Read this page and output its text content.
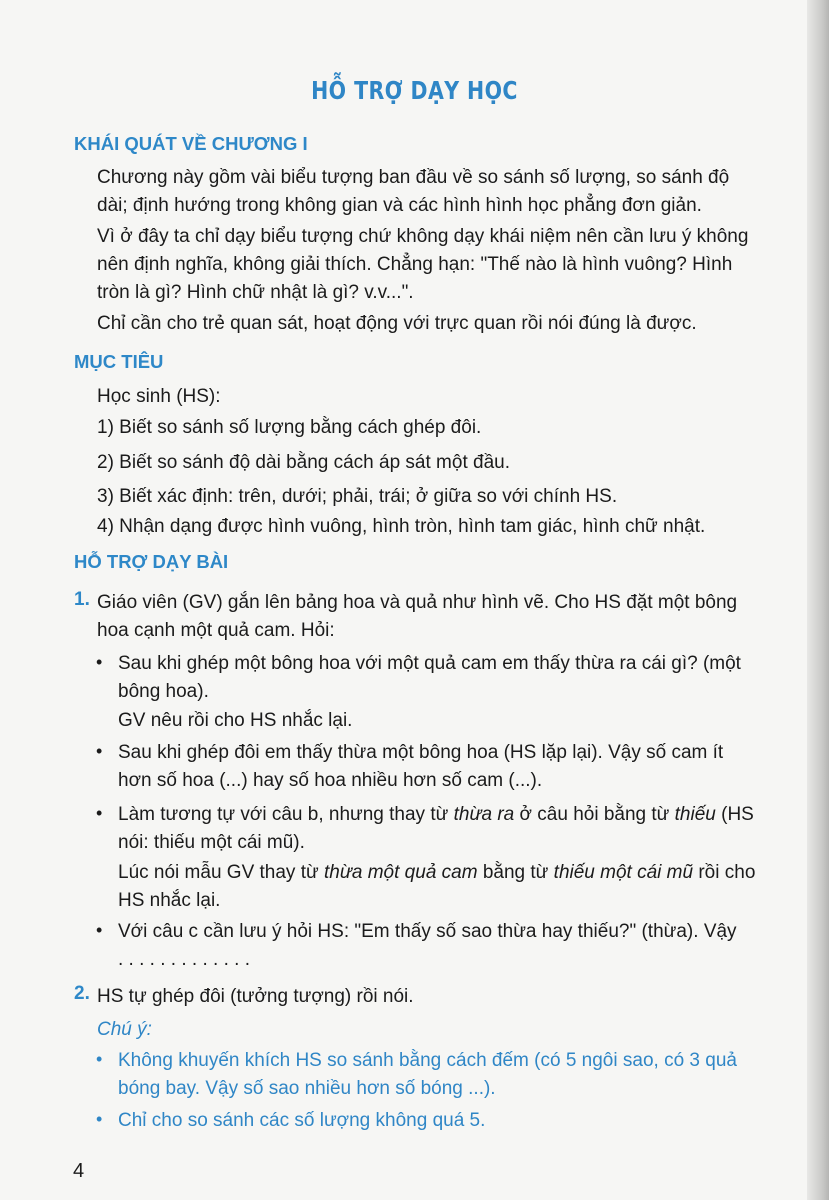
HỖ TRỢ DẠY HỌC
KHÁI QUÁT VỀ CHƯƠNG I
Chương này gồm vài biểu tượng ban đầu về so sánh số lượng, so sánh độ
dài; định hướng trong không gian và các hình hình học phẳng đơn giản.
Vì ở đây ta chỉ dạy biểu tượng chứ không dạy khái niệm nên cần lưu ý không
nên định nghĩa, không giải thích. Chẳng hạn: "Thế nào là hình vuông? Hình
tròn là gì? Hình chữ nhật là gì? v.v...".
Chỉ cần cho trẻ quan sát, hoạt động với trực quan rồi nói đúng là được.
MỤC TIÊU
Học sinh (HS):
1) Biết so sánh số lượng bằng cách ghép đôi.
2) Biết so sánh độ dài bằng cách áp sát một đầu.
3) Biết xác định: trên, dưới; phải, trái; ở giữa so với chính HS.
4) Nhận dạng được hình vuông, hình tròn, hình tam giác, hình chữ nhật.
HỖ TRỢ DẠY BÀI
1. Giáo viên (GV) gắn lên bảng hoa và quả như hình vẽ. Cho HS đặt một bông
hoa cạnh một quả cam. Hỏi:
• Sau khi ghép một bông hoa với một quả cam em thấy thừa ra cái gì? (một
bông hoa).
GV nêu rồi cho HS nhắc lại.
• Sau khi ghép đôi em thấy thừa một bông hoa (HS lặp lại). Vậy số cam ít
hơn số hoa (...) hay số hoa nhiều hơn số cam (...).
• Làm tương tự với câu b, nhưng thay từ thừa ra ở câu hỏi bằng từ thiếu (HS
nói: thiếu một cái mũ).
Lúc nói mẫu GV thay từ thừa một quả cam bằng từ thiếu một cái mũ rồi cho
HS nhắc lại.
• Với câu c cần lưu ý hỏi HS: "Em thấy số sao thừa hay thiếu?" (thừa). Vậy
. . . . . . . . . . . . .
2. HS tự ghép đôi (tưởng tượng) rồi nói.
Chú ý:
• Không khuyến khích HS so sánh bằng cách đếm (có 5 ngôi sao, có 3 quả
bóng bay. Vậy số sao nhiều hơn số bóng ...).
• Chỉ cho so sánh các số lượng không quá 5.
4
